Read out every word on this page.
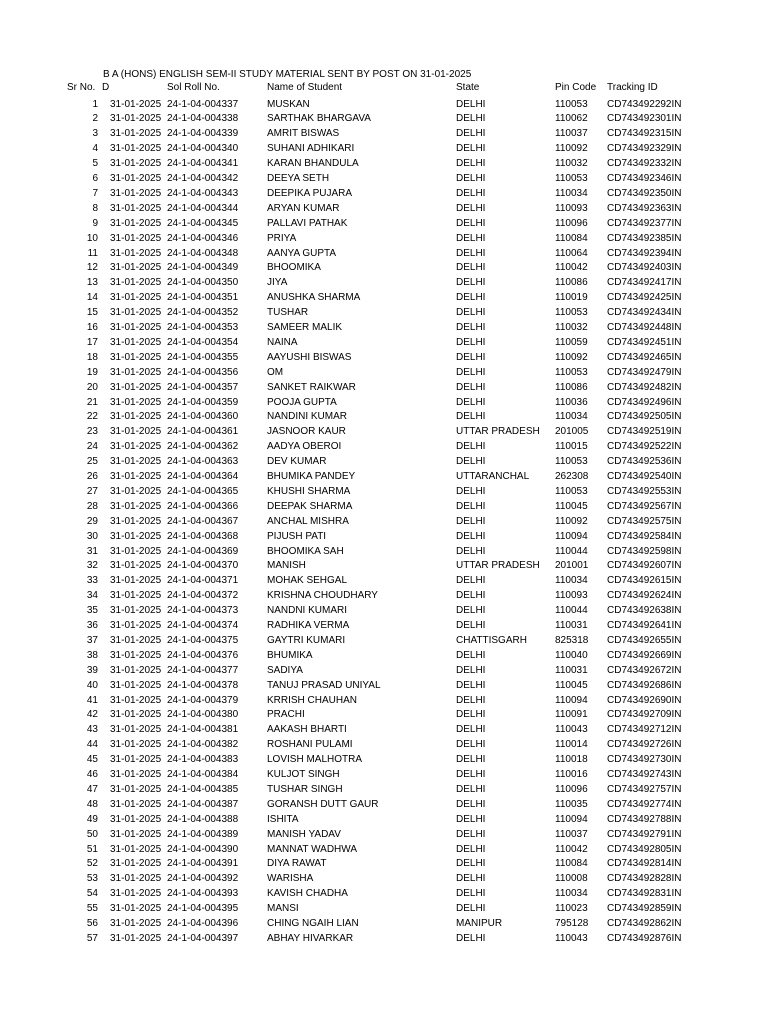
B A (HONS) ENGLISH SEM-II STUDY MATERIAL SENT BY POST ON 31-01-2025
Sr No. D	Sol Roll No.	Name of Student	State	Pin Code Tracking ID
1 31-01-2025 24-1-04-004337	MUSKAN	DELHI	110053 CD743492292IN
2 31-01-2025 24-1-04-004338	SARTHAK BHARGAVA	DELHI	110062 CD743492301IN
3 31-01-2025 24-1-04-004339	AMRIT BISWAS	DELHI	110037 CD743492315IN
4 31-01-2025 24-1-04-004340	SUHANI ADHIKARI	DELHI	110092 CD743492329IN
5 31-01-2025 24-1-04-004341	KARAN BHANDULA	DELHI	110032 CD743492332IN
6 31-01-2025 24-1-04-004342	DEEYA SETH	DELHI	110053 CD743492346IN
7 31-01-2025 24-1-04-004343	DEEPIKA PUJARA	DELHI	110034 CD743492350IN
8 31-01-2025 24-1-04-004344	ARYAN KUMAR	DELHI	110093 CD743492363IN
9 31-01-2025 24-1-04-004345	PALLAVI PATHAK	DELHI	110096 CD743492377IN
10 31-01-2025 24-1-04-004346	PRIYA	DELHI	110084 CD743492385IN
11 31-01-2025 24-1-04-004348	AANYA GUPTA	DELHI	110064 CD743492394IN
12 31-01-2025 24-1-04-004349	BHOOMIKA	DELHI	110042 CD743492403IN
13 31-01-2025 24-1-04-004350	JIYA	DELHI	110086 CD743492417IN
14 31-01-2025 24-1-04-004351	ANUSHKA SHARMA	DELHI	110019 CD743492425IN
15 31-01-2025 24-1-04-004352	TUSHAR	DELHI	110053 CD743492434IN
16 31-01-2025 24-1-04-004353	SAMEER MALIK	DELHI	110032 CD743492448IN
17 31-01-2025 24-1-04-004354	NAINA	DELHI	110059 CD743492451IN
18 31-01-2025 24-1-04-004355	AAYUSHI BISWAS	DELHI	110092 CD743492465IN
19 31-01-2025 24-1-04-004356	OM	DELHI	110053 CD743492479IN
20 31-01-2025 24-1-04-004357	SANKET RAIKWAR	DELHI	110086 CD743492482IN
21 31-01-2025 24-1-04-004359	POOJA GUPTA	DELHI	110036 CD743492496IN
22 31-01-2025 24-1-04-004360	NANDINI KUMAR	DELHI	110034 CD743492505IN
23 31-01-2025 24-1-04-004361	JASNOOR KAUR	UTTAR PRADESH 201005 CD743492519IN
24 31-01-2025 24-1-04-004362	AADYA OBEROI	DELHI	110015 CD743492522IN
25 31-01-2025 24-1-04-004363	DEV KUMAR	DELHI	110053 CD743492536IN
26 31-01-2025 24-1-04-004364	BHUMIKA PANDEY	UTTARANCHAL	262308 CD743492540IN
27 31-01-2025 24-1-04-004365	KHUSHI SHARMA	DELHI	110053 CD743492553IN
28 31-01-2025 24-1-04-004366	DEEPAK SHARMA	DELHI	110045 CD743492567IN
29 31-01-2025 24-1-04-004367	ANCHAL MISHRA	DELHI	110092 CD743492575IN
30 31-01-2025 24-1-04-004368	PIJUSH PATI	DELHI	110094 CD743492584IN
31 31-01-2025 24-1-04-004369	BHOOMIKA SAH	DELHI	110044 CD743492598IN
32 31-01-2025 24-1-04-004370	MANISH	UTTAR PRADESH 201001 CD743492607IN
33 31-01-2025 24-1-04-004371	MOHAK SEHGAL	DELHI	110034 CD743492615IN
34 31-01-2025 24-1-04-004372	KRISHNA CHOUDHARY	DELHI	110093 CD743492624IN
35 31-01-2025 24-1-04-004373	NANDNI KUMARI	DELHI	110044 CD743492638IN
36 31-01-2025 24-1-04-004374	RADHIKA VERMA	DELHI	110031 CD743492641IN
37 31-01-2025 24-1-04-004375	GAYTRI KUMARI	CHATTISGARH	825318 CD743492655IN
38 31-01-2025 24-1-04-004376	BHUMIKA	DELHI	110040 CD743492669IN
39 31-01-2025 24-1-04-004377	SADIYA	DELHI	110031 CD743492672IN
40 31-01-2025 24-1-04-004378	TANUJ PRASAD UNIYAL	DELHI	110045 CD743492686IN
41 31-01-2025 24-1-04-004379	KRRISH CHAUHAN	DELHI	110094 CD743492690IN
42 31-01-2025 24-1-04-004380	PRACHI	DELHI	110091 CD743492709IN
43 31-01-2025 24-1-04-004381	AAKASH BHARTI	DELHI	110043 CD743492712IN
44 31-01-2025 24-1-04-004382	ROSHANI PULAMI	DELHI	110014 CD743492726IN
45 31-01-2025 24-1-04-004383	LOVISH MALHOTRA	DELHI	110018 CD743492730IN
46 31-01-2025 24-1-04-004384	KULJOT SINGH	DELHI	110016 CD743492743IN
47 31-01-2025 24-1-04-004385	TUSHAR SINGH	DELHI	110096 CD743492757IN
48 31-01-2025 24-1-04-004387	GORANSH DUTT GAUR	DELHI	110035 CD743492774IN
49 31-01-2025 24-1-04-004388	ISHITA	DELHI	110094 CD743492788IN
50 31-01-2025 24-1-04-004389	MANISH YADAV	DELHI	110037 CD743492791IN
51 31-01-2025 24-1-04-004390	MANNAT WADHWA	DELHI	110042 CD743492805IN
52 31-01-2025 24-1-04-004391	DIYA RAWAT	DELHI	110084 CD743492814IN
53 31-01-2025 24-1-04-004392	WARISHA	DELHI	110008 CD743492828IN
54 31-01-2025 24-1-04-004393	KAVISH CHADHA	DELHI	110034 CD743492831IN
55 31-01-2025 24-1-04-004395	MANSI	DELHI	110023 CD743492859IN
56 31-01-2025 24-1-04-004396	CHING NGAIH LIAN	MANIPUR	795128 CD743492862IN
57 31-01-2025 24-1-04-004397	ABHAY HIVARKAR	DELHI	110043 CD743492876IN
